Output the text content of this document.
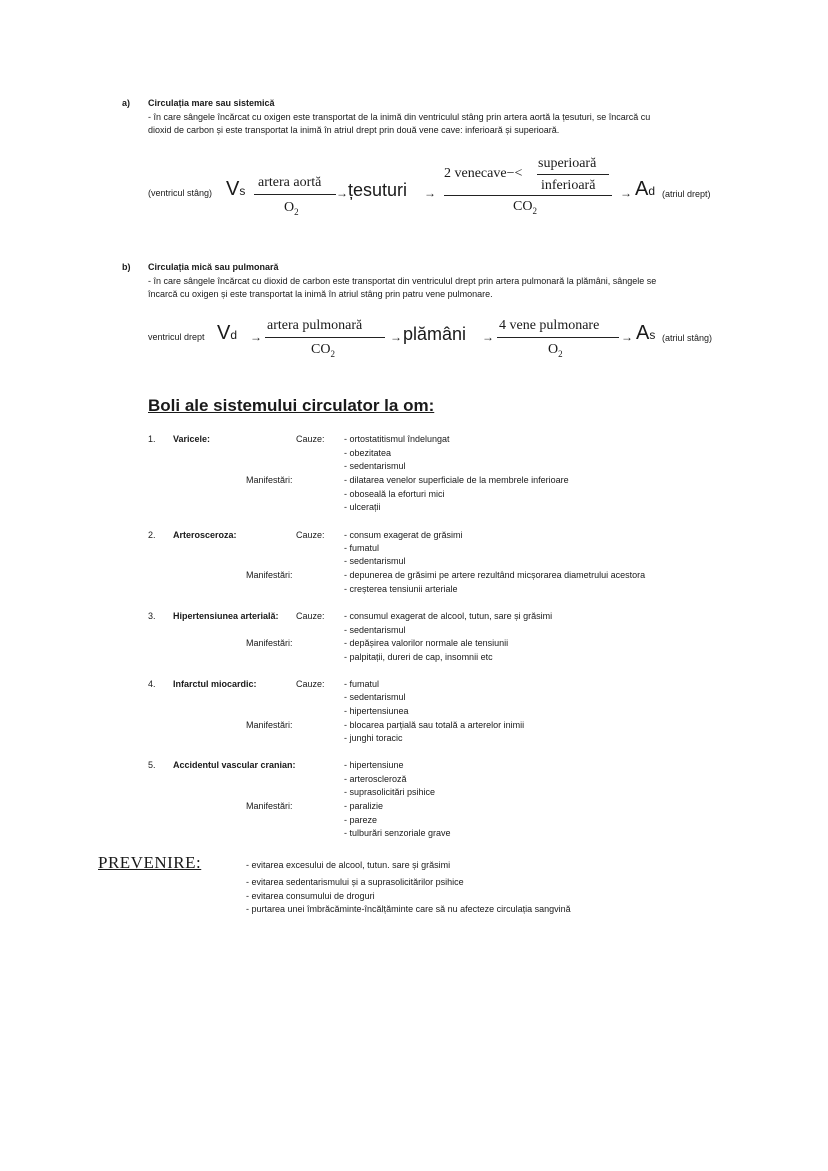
a) Circulația mare sau sistemică
- în care sângele încărcat cu oxigen este transportat de la inimă din ventriculul stâng prin artera aortă la țesuturi, se încarcă cu
dioxid de carbon și este transportat la inimă în atriul drept prin două vene cave: inferioară și superioară.
(ventricul stâng) Vs
artera aortă
$O_2$
→ țesuturi →
2 venecave−<
superioară
inferioară
$CO_2$
→ Ad (atriul drept)
b) Circulația mică sau pulmonară
- în care sângele încărcat cu dioxid de carbon este transportat din ventriculul drept prin artera pulmonară la plămâni, sângele se
încarcă cu oxigen și este transportat la inimă în atriul stâng prin patru vene pulmonare.
ventricul drept Vd →
artera pulmonară
$CO_2$
→ plămâni →
4 vene pulmonare
$O_2$
→ As (atriul stâng)
Boli ale sistemului circulator la om:
1. Varicele:	Cauze: - ortostatitismul îndelungat
- obezitatea
- sedentarismul
Manifestări:	- dilatarea venelor superficiale de la membrele inferioare
- oboseală la eforturi mici
- ulcerații
2. Arterosceroza:	Cauze: - consum exagerat de grăsimi
- fumatul
- sedentarismul
Manifestări:	- depunerea de grăsimi pe artere rezultând micșorarea diametrului acestora
- creșterea tensiunii arteriale
3. Hipertensiunea arterială: Cauze: - consumul exagerat de alcool, tutun, sare și grăsimi
- sedentarismul
Manifestări:	- depășirea valorilor normale ale tensiunii
- palpitații, dureri de cap, insomnii etc
4. Infarctul miocardic:	Cauze: - fumatul
- sedentarismul
- hipertensiunea
Manifestări:	- blocarea parțială sau totală a arterelor inimii
- junghi toracic
5. Accidentul vascular cranian:	- hipertensiune
- arteroscleroză
- suprasolicitări psihice
Manifestări:	- paralizie
- pareze
- tulburări senzoriale grave
PREVENIRE:	- evitarea excesului de alcool, tutun. sare și grăsimi
- evitarea sedentarismului și a suprasolicitărilor psihice
- evitarea consumului de droguri
- purtarea unei îmbrăcăminte-încălțăminte care să nu afecteze circulația sangvină
